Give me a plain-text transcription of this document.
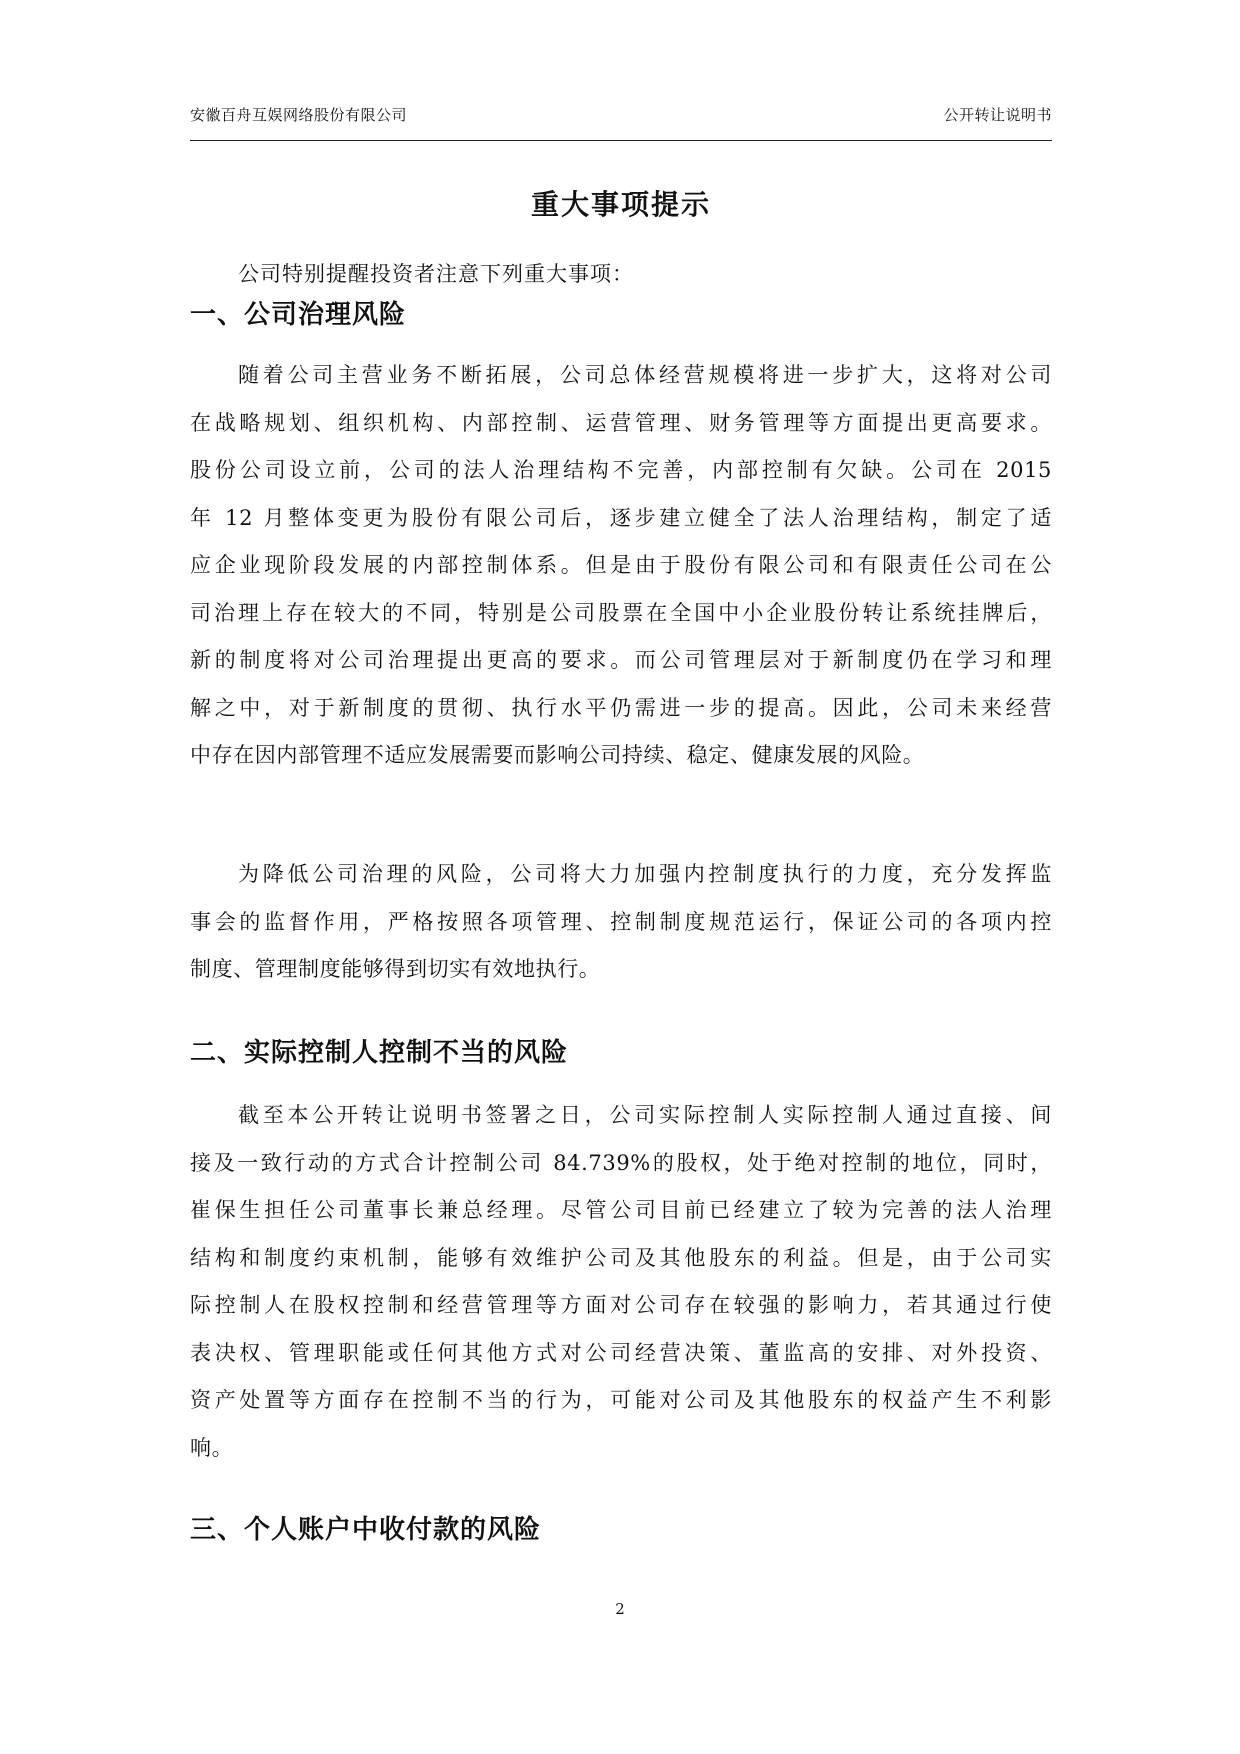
安徽百舟互娱网络股份有限公司	公开转让说明书
重大事项提示
公司特别提醒投资者注意下列重大事项：
一、公司治理风险
随着公司主营业务不断拓展，公司总体经营规模将进一步扩大，这将对公司
在战略规划、组织机构、内部控制、运营管理、财务管理等方面提出更高要求。
股份公司设立前，公司的法人治理结构不完善，内部控制有欠缺。公司在 2015
年 12 月整体变更为股份有限公司后，逐步建立健全了法人治理结构，制定了适
应企业现阶段发展的内部控制体系。但是由于股份有限公司和有限责任公司在公
司治理上存在较大的不同，特别是公司股票在全国中小企业股份转让系统挂牌后，
新的制度将对公司治理提出更高的要求。而公司管理层对于新制度仍在学习和理
解之中，对于新制度的贯彻、执行水平仍需进一步的提高。因此，公司未来经营
中存在因内部管理不适应发展需要而影响公司持续、稳定、健康发展的风险。
为降低公司治理的风险，公司将大力加强内控制度执行的力度，充分发挥监
事会的监督作用，严格按照各项管理、控制制度规范运行，保证公司的各项内控
制度、管理制度能够得到切实有效地执行。
二、实际控制人控制不当的风险
截至本公开转让说明书签署之日，公司实际控制人实际控制人通过直接、间
接及一致行动的方式合计控制公司 84.739%的股权，处于绝对控制的地位，同时，
崔保生担任公司董事长兼总经理。尽管公司目前已经建立了较为完善的法人治理
结构和制度约束机制，能够有效维护公司及其他股东的利益。但是，由于公司实
际控制人在股权控制和经营管理等方面对公司存在较强的影响力，若其通过行使
表决权、管理职能或任何其他方式对公司经营决策、董监高的安排、对外投资、
资产处置等方面存在控制不当的行为，可能对公司及其他股东的权益产生不利影
响。
三、个人账户中收付款的风险
2
